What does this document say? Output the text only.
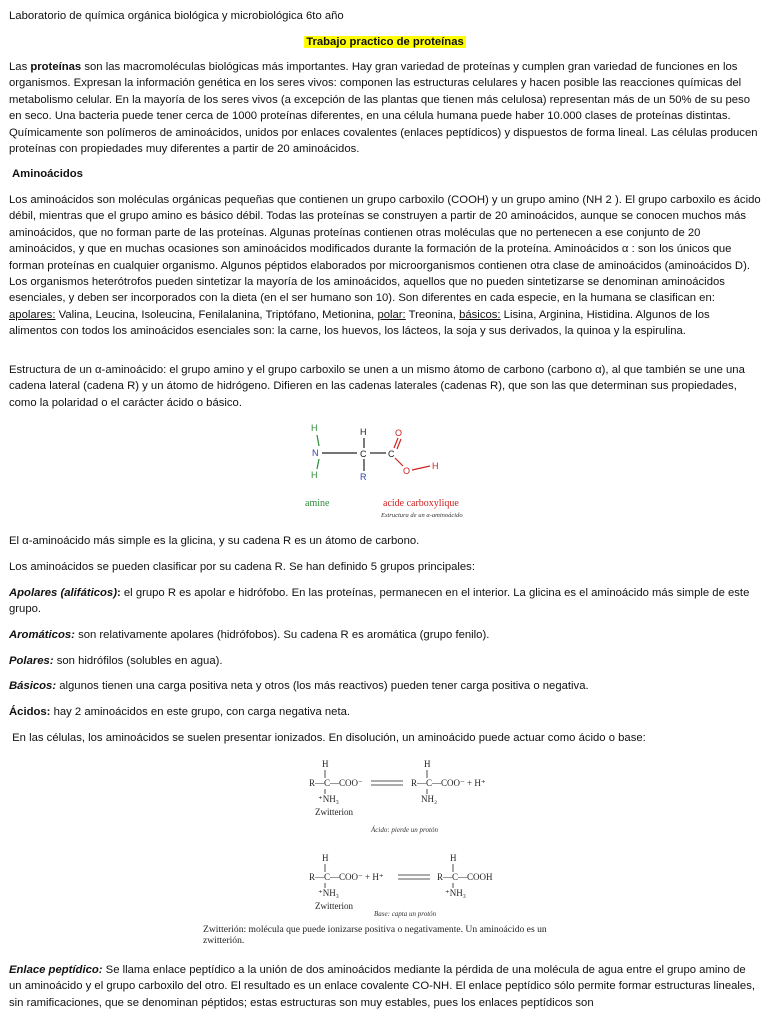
Laboratorio de química orgánica biológica y microbiológica 6to año

Trabajo practico de proteínas

Las proteínas son las macromoléculas biológicas más importantes. Hay gran variedad de proteínas y cumplen gran variedad de funciones en los organismos. Expresan la información genética en los seres vivos: componen las estructuras celulares y hacen posible las reacciones químicas del metabolismo celular. En la mayoría de los seres vivos (a excepción de las plantas que tienen más celulosa) representan más de un 50% de su peso en seco. Una bacteria puede tener cerca de 1000 proteínas diferentes, en una célula humana puede haber 10.000 clases de proteínas distintas. Químicamente son polímeros de aminoácidos, unidos por enlaces covalentes (enlaces peptídicos) y dispuestos de forma lineal. Las células producen proteínas con propiedades muy diferentes a partir de 20 aminoácidos.

Aminoácidos

Los aminoácidos son moléculas orgánicas pequeñas que contienen un grupo carboxilo (COOH) y un grupo amino (NH 2 ). El grupo carboxilo es ácido débil, mientras que el grupo amino es básico débil. Todas las proteínas se construyen a partir de 20 aminoácidos, aunque se conocen muchos más aminoácidos, que no forman parte de las proteínas. Algunas proteínas contienen otras moléculas que no pertenecen a ese conjunto de 20 aminoácidos, y que en muchas ocasiones son aminoácidos modificados durante la formación de la proteína. Aminoácidos α : son los únicos que forman proteínas en cualquier organismo. Algunos péptidos elaborados por microorganismos contienen otra clase de aminoácidos (aminoácidos D). Los organismos heterótrofos pueden sintetizar la mayoría de los aminoácidos, aquellos que no pueden sintetizarse se denominan aminoácidos esenciales, y deben ser incorporados con la dieta (en el ser humano son 10). Son diferentes en cada especie, en la humana se clasifican en: apolares: Valina, Leucina, Isoleucina, Fenilalanina, Triptófano, Metionina, polar: Treonina, básicos: Lisina, Arginina, Histidina. Algunos de los alimentos con todos los aminoácidos esenciales son: la carne, los huevos, los lácteos, la soja y sus derivados, la quinoa y la espirulina.

Estructura de un α-aminoácido: el grupo amino y el grupo carboxilo se unen a un mismo átomo de carbono (carbono α), al que también se une una cadena lateral (cadena R) y un átomo de hidrógeno. Difieren en las cadenas laterales (cadenas R), que son las que determinan sus propiedades, como la polaridad o el carácter ácido o básico.

H
N
H
H
C
R
C
O
O H
amine	acide carboxylique
Estructura de un α-aminoácido

El α-aminoácido más simple es la glicina, y su cadena R es un átomo de carbono.

Los aminoácidos se pueden clasificar por su cadena R. Se han definido 5 grupos principales:

Apolares (alifáticos): el grupo R es apolar e hidrófobo. En las proteínas, permanecen en el interior. La glicina es el aminoácido más simple de este grupo.

Aromáticos: son relativamente apolares (hidrófobos). Su cadena R es aromática (grupo fenilo).

Polares: son hidrófilos (solubles en agua).

Básicos: algunos tienen una carga positiva neta y otros (los más reactivos) pueden tener carga positiva o negativa.

Ácidos: hay 2 aminoácidos en este grupo, con carga negativa neta.

En las células, los aminoácidos se suelen presentar ionizados. En disolución, un aminoácido puede actuar como ácido o base:

H
R—C—COO⁻
⁺NH₃
Zwitterion
H
R—C—COO⁻ + H⁺
NH₂
H
R—C—COO⁻ + H⁺
⁺NH₃
Zwitterion
H
R—C—COOH
⁺NH₃
Ácido: pierde un protón
Base: capta un protón
Zwitterión: molécula que puede ionizarse positiva o negativamente. Un aminoácido es un zwitterión.

Enlace peptídico: Se llama enlace peptídico a la unión de dos aminoácidos mediante la pérdida de una molécula de agua entre el grupo amino de un aminoácido y el grupo carboxilo del otro. El resultado es un enlace covalente CO-NH. El enlace peptídico sólo permite formar estructuras lineales, sin ramificaciones, que se denominan péptidos; estas estructuras son muy estables, pues los enlaces peptídicos son
